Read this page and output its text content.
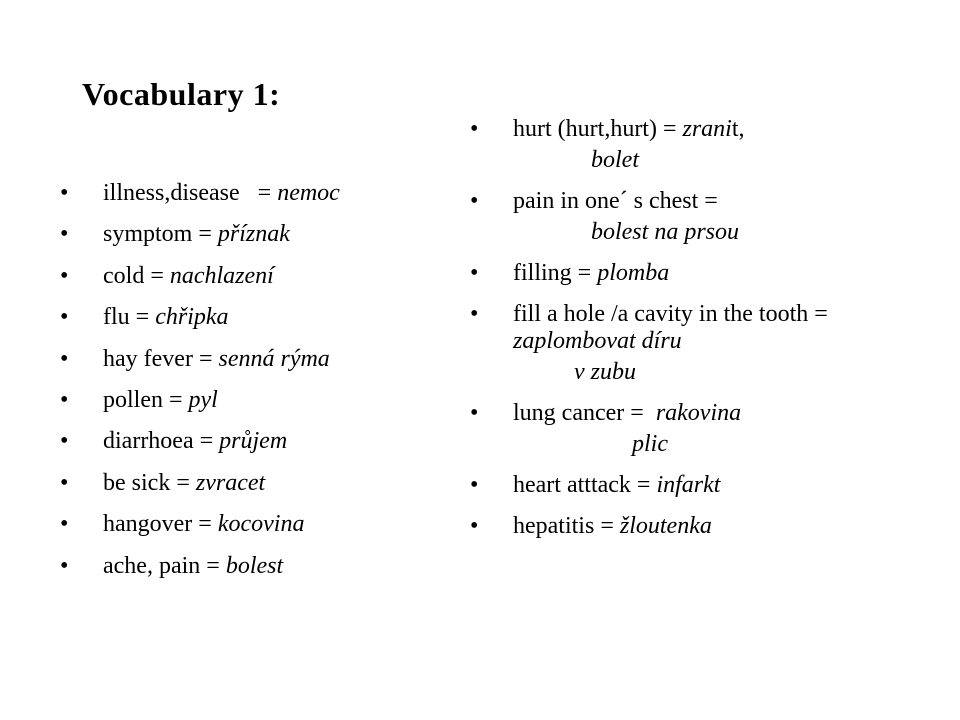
Vocabulary 1:
• illness,disease   = nemoc
• symptom = příznak
• cold = nachlazení
• flu = chřipka
• hay fever = senná rýma
• pollen = pyl
• diarrhoea = průjem
• be sick = zvracet
• hangover = kocovina
• ache, pain = bolest
• hurt (hurt,hurt) = zranit,
bolet
• pain in one´ s chest =
bolest na prsou
• filling = plomba
• fill a hole /a cavity in the tooth = zaplombovat díru
v zubu
• lung cancer =  rakovina
plic
• heart atttack = infarkt
• hepatitis = žloutenka
